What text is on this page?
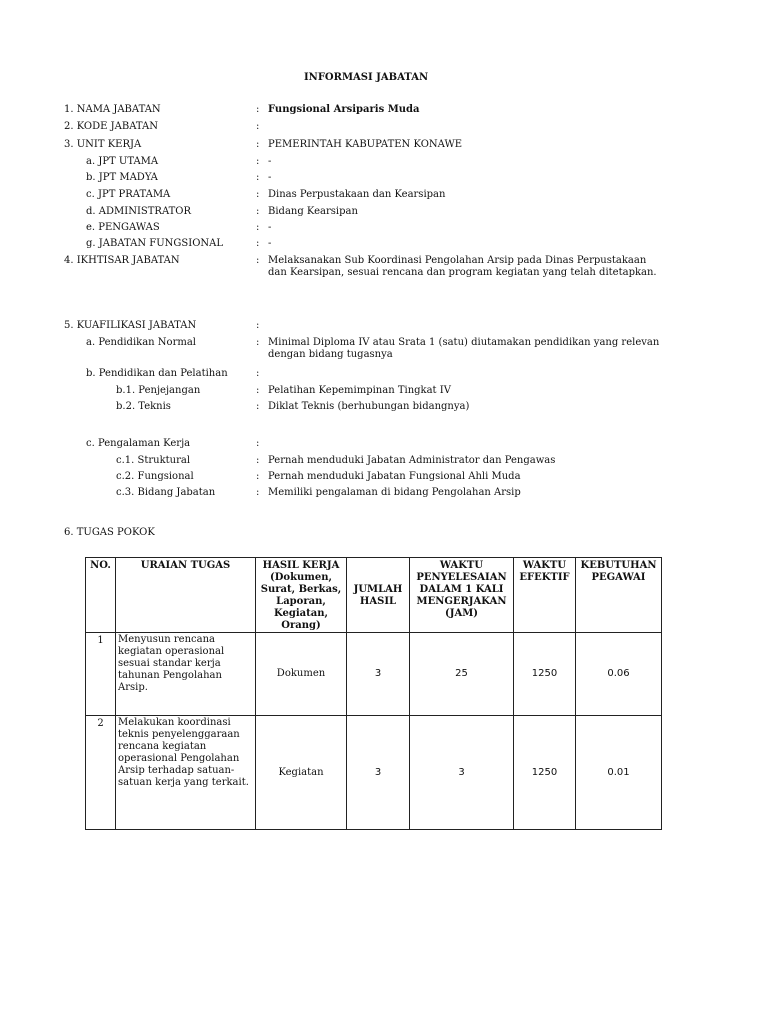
INFORMASI JABATAN
1. NAMA JABATAN	: Fungsional Arsiparis Muda
2. KODE JABATAN	:
3. UNIT KERJA	: PEMERINTAH KABUPATEN KONAWE
a. JPT UTAMA	: -
b. JPT MADYA	: -
c. JPT PRATAMA	: Dinas Perpustakaan dan Kearsipan
d. ADMINISTRATOR	: Bidang Kearsipan
e. PENGAWAS	: -
g. JABATAN FUNGSIONAL	: -
4. IKHTISAR JABATAN	: Melaksanakan Sub Koordinasi Pengolahan Arsip pada Dinas Perpustakaan
dan Kearsipan, sesuai rencana dan program kegiatan yang telah ditetapkan.
5. KUAFILIKASI JABATAN	:
a. Pendidikan Normal	: Minimal Diploma IV atau Srata 1 (satu) diutamakan pendidikan yang relevan
dengan bidang tugasnya
b. Pendidikan dan Pelatihan	:
b.1. Penjejangan	: Pelatihan Kepemimpinan Tingkat IV
b.2. Teknis	: Diklat Teknis (berhubungan bidangnya)
c. Pengalaman Kerja	:
c.1. Struktural	: Pernah menduduki Jabatan Administrator dan Pengawas
c.2. Fungsional	: Pernah menduduki Jabatan Fungsional Ahli Muda
c.3. Bidang Jabatan	: Memiliki pengalaman di bidang Pengolahan Arsip
6. TUGAS POKOK
NO.	URAIAN TUGAS	HASIL KERJA (Dokumen, Surat, Berkas, Laporan, Kegiatan, Orang)	JUMLAH HASIL	WAKTU PENYELESAIAN DALAM 1 KALI MENGERJAKAN (JAM)	WAKTU EFEKTIF	KEBUTUHAN PEGAWAI
1	Menyusun rencana kegiatan operasional sesuai standar kerja tahunan Pengolahan Arsip.	Dokumen	3	25	1250	0.06
2	Melakukan koordinasi teknis penyelenggaraan rencana kegiatan operasional Pengolahan Arsip terhadap satuan-satuan kerja yang terkait.	Kegiatan	3	3	1250	0.01
